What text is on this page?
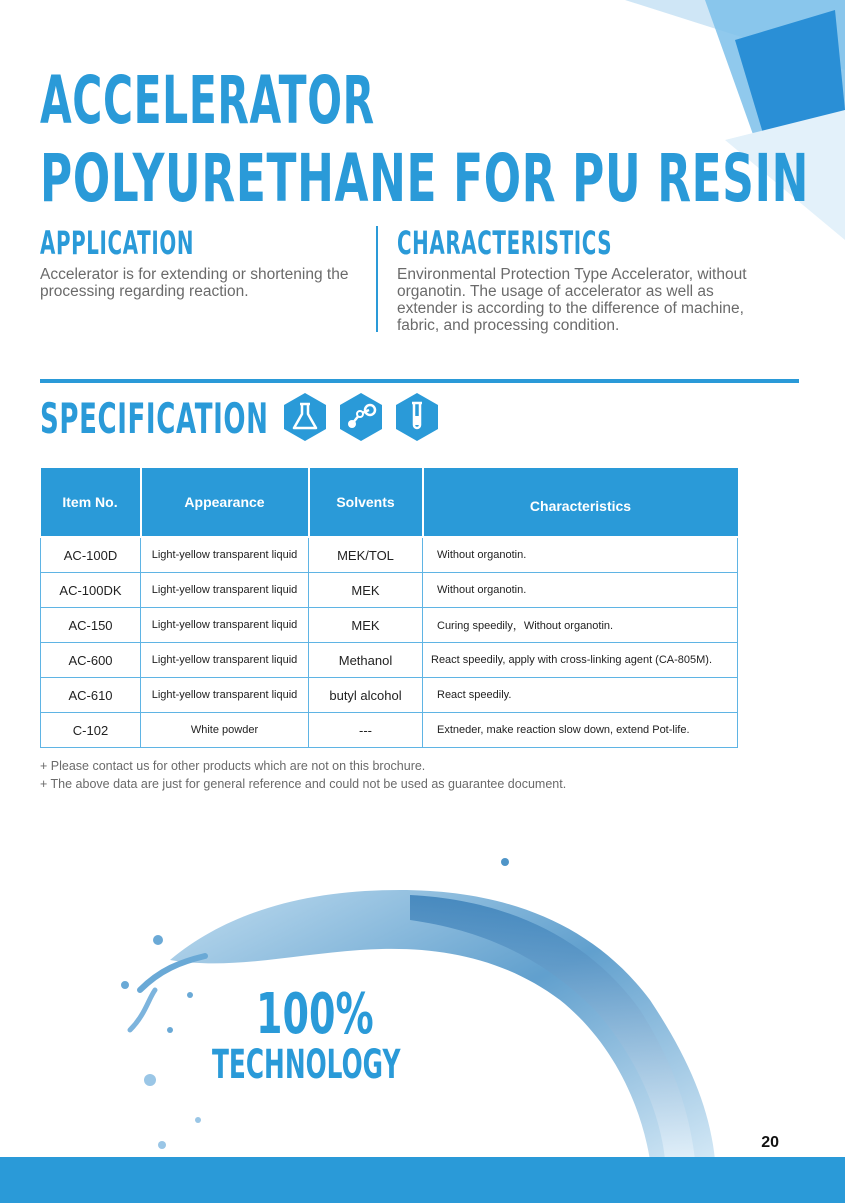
ACCELERATOR
POLYURETHANE FOR PU RESIN
APPLICATION

Accelerator is for extending or shortening the processing regarding reaction.

CHARACTERISTICS

Environmental Protection Type Accelerator, without organotin. The usage of accelerator as well as extender is according to the difference of machine, fabric, and processing condition.

SPECIFICATION
Item No.	Appearance	Solvents	Characteristics
AC-100D	Light-yellow transparent liquid	MEK/TOL	Without organotin.
AC-100DK	Light-yellow transparent liquid	MEK	Without organotin.
AC-150	Light-yellow transparent liquid	MEK	Curing speedily，Without organotin.
AC-600	Light-yellow transparent liquid	Methanol	React speedily, apply with cross-linking agent (CA-805M).
AC-610	Light-yellow transparent liquid	butyl alcohol	React speedily.
C-102	White powder	---	Extneder, make reaction slow down, extend Pot-life.
+ Please contact us for other products which are not on this brochure.
+ The above data are just for general reference and could not be used as guarantee document.
100%
TECHNOLOGY
20
